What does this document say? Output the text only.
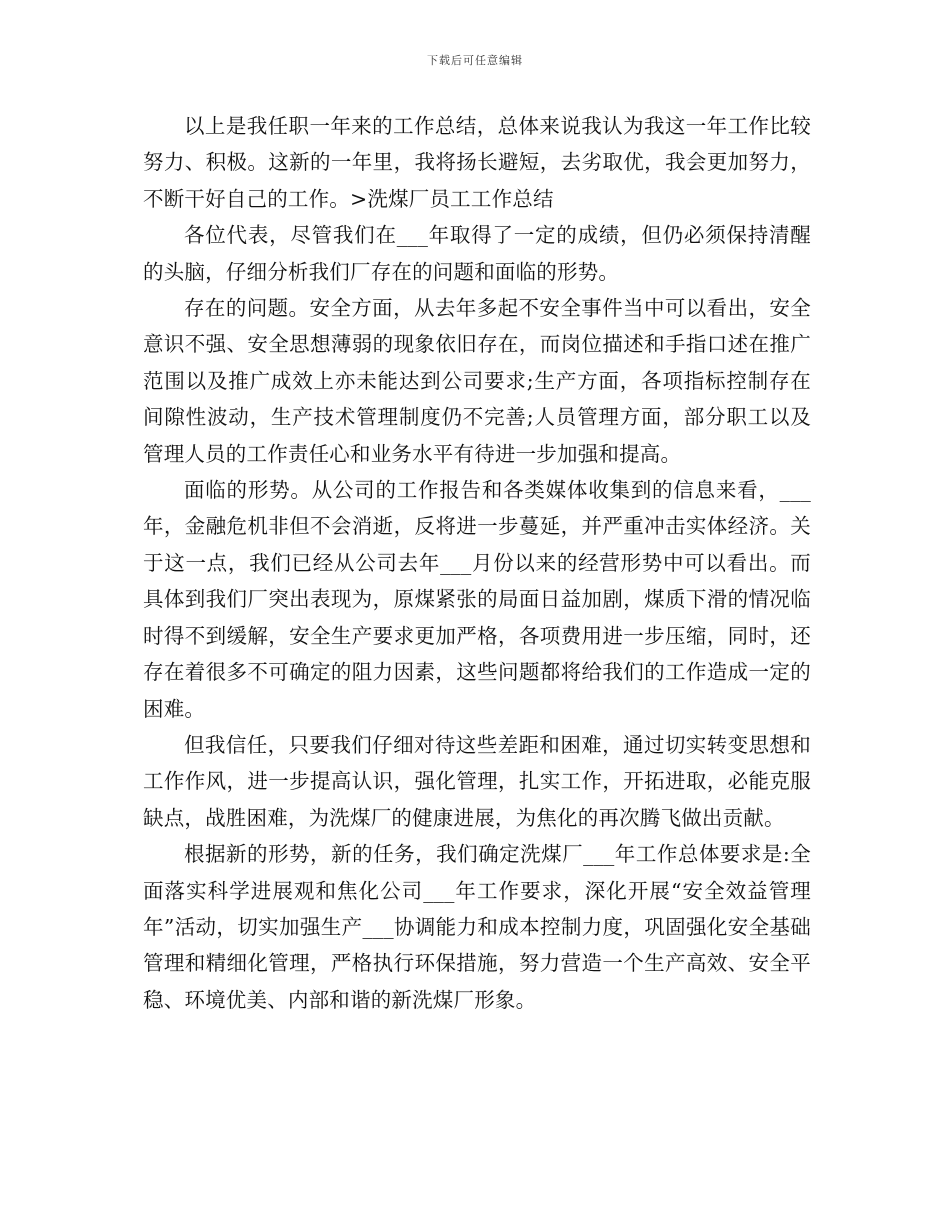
下载后可任意编辑

以上是我任职一年来的工作总结，总体来说我认为我这一年工作比较努力、积极。这新的一年里，我将扬长避短，去劣取优，我会更加努力，不断干好自己的工作。>洗煤厂员工工作总结

各位代表，尽管我们在___年取得了一定的成绩，但仍必须保持清醒的头脑，仔细分析我们厂存在的问题和面临的形势。

存在的问题。安全方面，从去年多起不安全事件当中可以看出，安全意识不强、安全思想薄弱的现象依旧存在，而岗位描述和手指口述在推广范围以及推广成效上亦未能达到公司要求;生产方面，各项指标控制存在间隙性波动，生产技术管理制度仍不完善;人员管理方面，部分职工以及管理人员的工作责任心和业务水平有待进一步加强和提高。

面临的形势。从公司的工作报告和各类媒体收集到的信息来看，___年，金融危机非但不会消逝，反将进一步蔓延，并严重冲击实体经济。关于这一点，我们已经从公司去年___月份以来的经营形势中可以看出。而具体到我们厂突出表现为，原煤紧张的局面日益加剧，煤质下滑的情况临时得不到缓解，安全生产要求更加严格，各项费用进一步压缩，同时，还存在着很多不可确定的阻力因素，这些问题都将给我们的工作造成一定的困难。

但我信任，只要我们仔细对待这些差距和困难，通过切实转变思想和工作作风，进一步提高认识，强化管理，扎实工作，开拓进取，必能克服缺点，战胜困难，为洗煤厂的健康进展，为焦化的再次腾飞做出贡献。

根据新的形势，新的任务，我们确定洗煤厂___年工作总体要求是:全面落实科学进展观和焦化公司___年工作要求，深化开展“安全效益管理年”活动，切实加强生产___协调能力和成本控制力度，巩固强化安全基础管理和精细化管理，严格执行环保措施，努力营造一个生产高效、安全平稳、环境优美、内部和谐的新洗煤厂形象。
